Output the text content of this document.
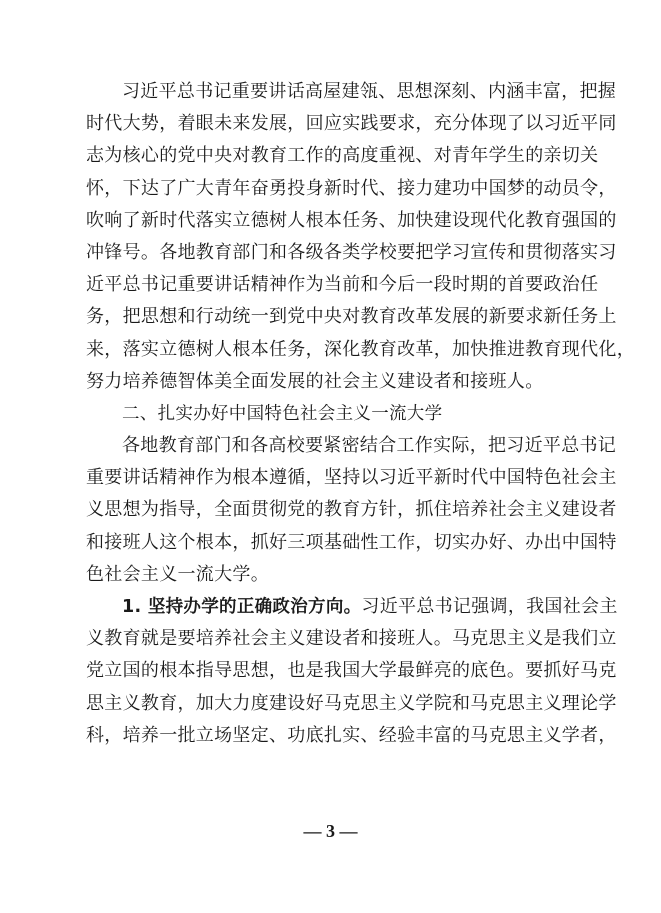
习近平总书记重要讲话高屋建瓴、思想深刻、内涵丰富，把握
时代大势，着眼未来发展，回应实践要求，充分体现了以习近平同
志为核心的党中央对教育工作的高度重视、对青年学生的亲切关
怀，下达了广大青年奋勇投身新时代、接力建功中国梦的动员令，
吹响了新时代落实立德树人根本任务、加快建设现代化教育强国的
冲锋号。各地教育部门和各级各类学校要把学习宣传和贯彻落实习
近平总书记重要讲话精神作为当前和今后一段时期的首要政治任
务，把思想和行动统一到党中央对教育改革发展的新要求新任务上
来，落实立德树人根本任务，深化教育改革，加快推进教育现代化，
努力培养德智体美全面发展的社会主义建设者和接班人。
二、扎实办好中国特色社会主义一流大学
各地教育部门和各高校要紧密结合工作实际，把习近平总书记
重要讲话精神作为根本遵循，坚持以习近平新时代中国特色社会主
义思想为指导，全面贯彻党的教育方针，抓住培养社会主义建设者
和接班人这个根本，抓好三项基础性工作，切实办好、办出中国特
色社会主义一流大学。
1. 坚持办学的正确政治方向。习近平总书记强调，我国社会主
义教育就是要培养社会主义建设者和接班人。马克思主义是我们立
党立国的根本指导思想，也是我国大学最鲜亮的底色。要抓好马克
思主义教育，加大力度建设好马克思主义学院和马克思主义理论学
科，培养一批立场坚定、功底扎实、经验丰富的马克思主义学者，
— 3 —
